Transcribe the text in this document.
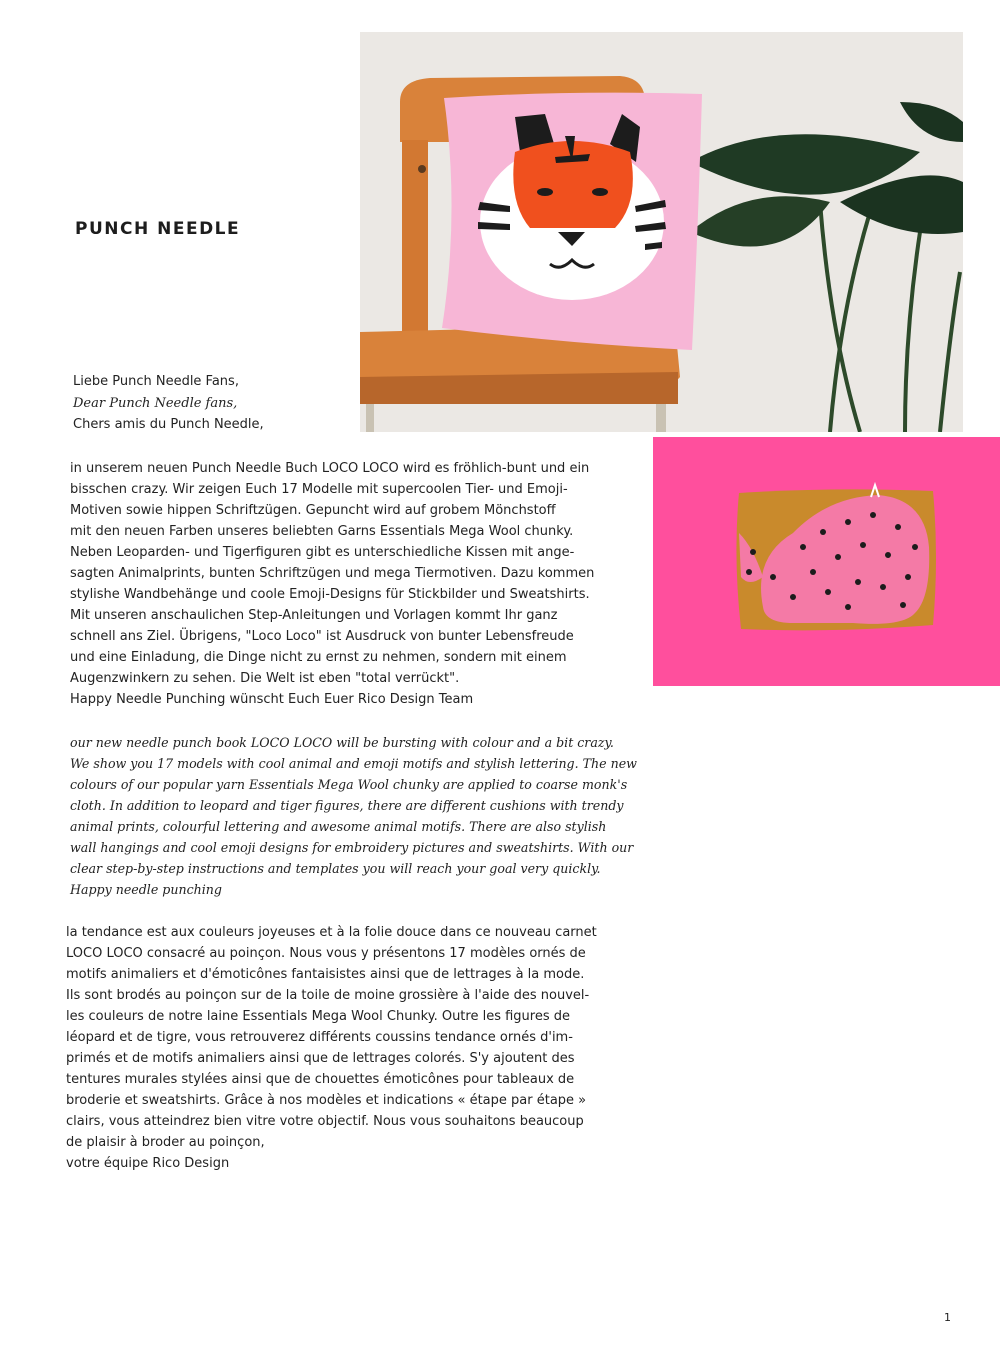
PUNCH NEEDLE
Liebe Punch Needle Fans,
Dear Punch Needle fans,
Chers amis du Punch Needle,
in unserem neuen Punch Needle Buch LOCO LOCO wird es fröhlich-bunt und ein
bisschen crazy. Wir zeigen Euch 17 Modelle mit supercoolen Tier- und Emoji-
Motiven sowie hippen Schriftzügen. Gepuncht wird auf grobem Mönchstoff
mit den neuen Farben unseres beliebten Garns Essentials Mega Wool chunky.
Neben Leoparden- und Tigerfiguren gibt es unterschiedliche Kissen mit ange-
sagten Animalprints, bunten Schriftzügen und mega Tiermotiven. Dazu kommen
stylishe Wandbehänge und coole Emoji-Designs für Stickbilder und Sweatshirts.
Mit unseren anschaulichen Step-Anleitungen und Vorlagen kommt Ihr ganz
schnell ans Ziel. Übrigens, "Loco Loco" ist Ausdruck von bunter Lebensfreude
und eine Einladung, die Dinge nicht zu ernst zu nehmen, sondern mit einem
Augenzwinkern zu sehen. Die Welt ist eben "total verrückt".
Happy Needle Punching wünscht Euch Euer Rico Design Team
our new needle punch book LOCO LOCO will be bursting with colour and a bit crazy.
We show you 17 models with cool animal and emoji motifs and stylish lettering. The new
colours of our popular yarn Essentials Mega Wool chunky are applied to coarse monk's
cloth. In addition to leopard and tiger figures, there are different cushions with trendy
animal prints, colourful lettering and awesome animal motifs. There are also stylish
wall hangings and cool emoji designs for embroidery pictures and sweatshirts. With our
clear step-by-step instructions and templates you will reach your goal very quickly.
Happy needle punching
la tendance est aux couleurs joyeuses et à la folie douce dans ce nouveau carnet
LOCO LOCO consacré au poinçon. Nous vous y présentons 17 modèles ornés de
motifs animaliers et d'émoticônes fantaisistes ainsi que de lettrages à la mode.
Ils sont brodés au poinçon sur de la toile de moine grossière à l'aide des nouvel-
les couleurs de notre laine Essentials Mega Wool Chunky. Outre les figures de
léopard et de tigre, vous retrouverez différents coussins tendance ornés d'im-
primés et de motifs animaliers ainsi que de lettrages colorés. S'y ajoutent des
tentures murales stylées ainsi que de chouettes émoticônes pour tableaux de
broderie et sweatshirts. Grâce à nos modèles et indications « étape par étape »
clairs, vous atteindrez bien vitre votre objectif. Nous vous souhaitons beaucoup
de plaisir à broder au poinçon,
votre équipe Rico Design
1
